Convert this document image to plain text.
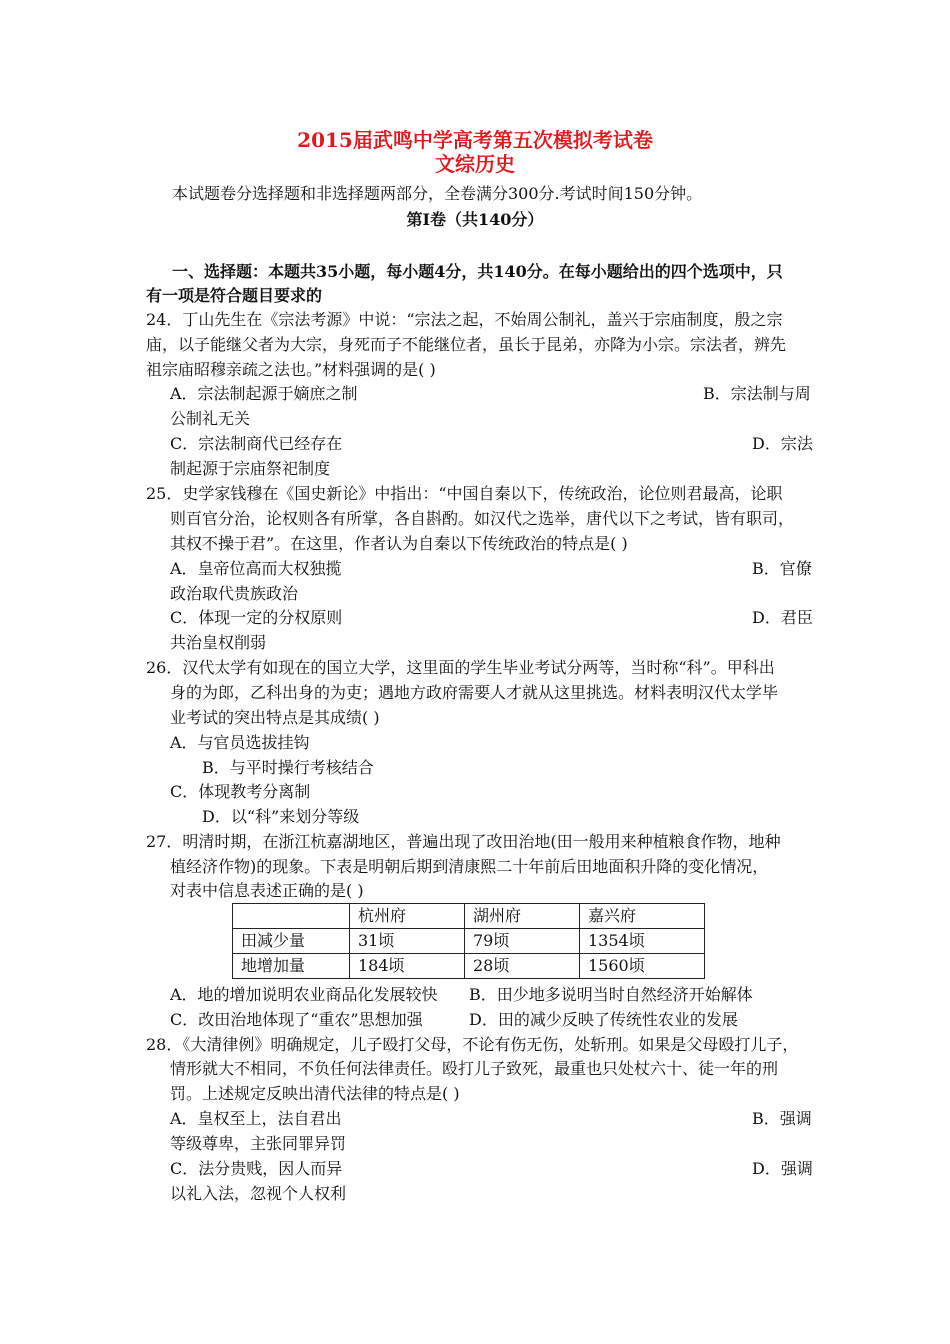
2015届武鸣中学高考第五次模拟考试卷
文综历史
本试题卷分选择题和非选择题两部分，全卷满分300分.考试时间150分钟。
第Ⅰ卷（共140分）
一、选择题：本题共35小题，每小题4分，共140分。在每小题给出的四个选项中，只
有一项是符合题目要求的
24．丁山先生在《宗法考源》中说：“宗法之起，不始周公制礼，盖兴于宗庙制度，殷之宗
庙，以子能继父者为大宗，身死而子不能继位者，虽长于昆弟，亦降为小宗。宗法者，辨先
祖宗庙昭穆亲疏之法也。”材料强调的是( )
A．宗法制起源于嫡庶之制	B．宗法制与周
公制礼无关
C．宗法制商代已经存在	D．宗法
制起源于宗庙祭祀制度
25．史学家钱穆在《国史新论》中指出：“中国自秦以下，传统政治，论位则君最高，论职
则百官分治，论权则各有所掌，各自斟酌。如汉代之选举，唐代以下之考试，皆有职司，
其权不操于君”。在这里，作者认为自秦以下传统政治的特点是( )
A．皇帝位高而大权独揽	B．官僚
政治取代贵族政治
C．体现一定的分权原则	D．君臣
共治皇权削弱
26．汉代太学有如现在的国立大学，这里面的学生毕业考试分两等，当时称“科”。甲科出
身的为郎，乙科出身的为吏；遇地方政府需要人才就从这里挑选。材料表明汉代太学毕
业考试的突出特点是其成绩( )
A．与官员选拔挂钩
B．与平时操行考核结合
C．体现教考分离制
D．以“科”来划分等级
27．明清时期，在浙江杭嘉湖地区，普遍出现了改田治地(田一般用来种植粮食作物，地种
植经济作物)的现象。下表是明朝后期到清康熙二十年前后田地面积升降的变化情况，
对表中信息表述正确的是( )
	杭州府	湖州府	嘉兴府
田减少量	31顷	79顷	1354顷
地增加量	184顷	28顷	1560顷
A．地的增加说明农业商品化发展较快 B．田少地多说明当时自然经济开始解体
C．改田治地体现了“重农”思想加强	D．田的减少反映了传统性农业的发展
28．《大清律例》明确规定，儿子殴打父母，不论有伤无伤，处斩刑。如果是父母殴打儿子，
情形就大不相同，不负任何法律责任。殴打儿子致死，最重也只处杖六十、徒一年的刑
罚。上述规定反映出清代法律的特点是( )
A．皇权至上，法自君出	B．强调
等级尊卑，主张同罪异罚
C．法分贵贱，因人而异	D．强调
以礼入法，忽视个人权利
